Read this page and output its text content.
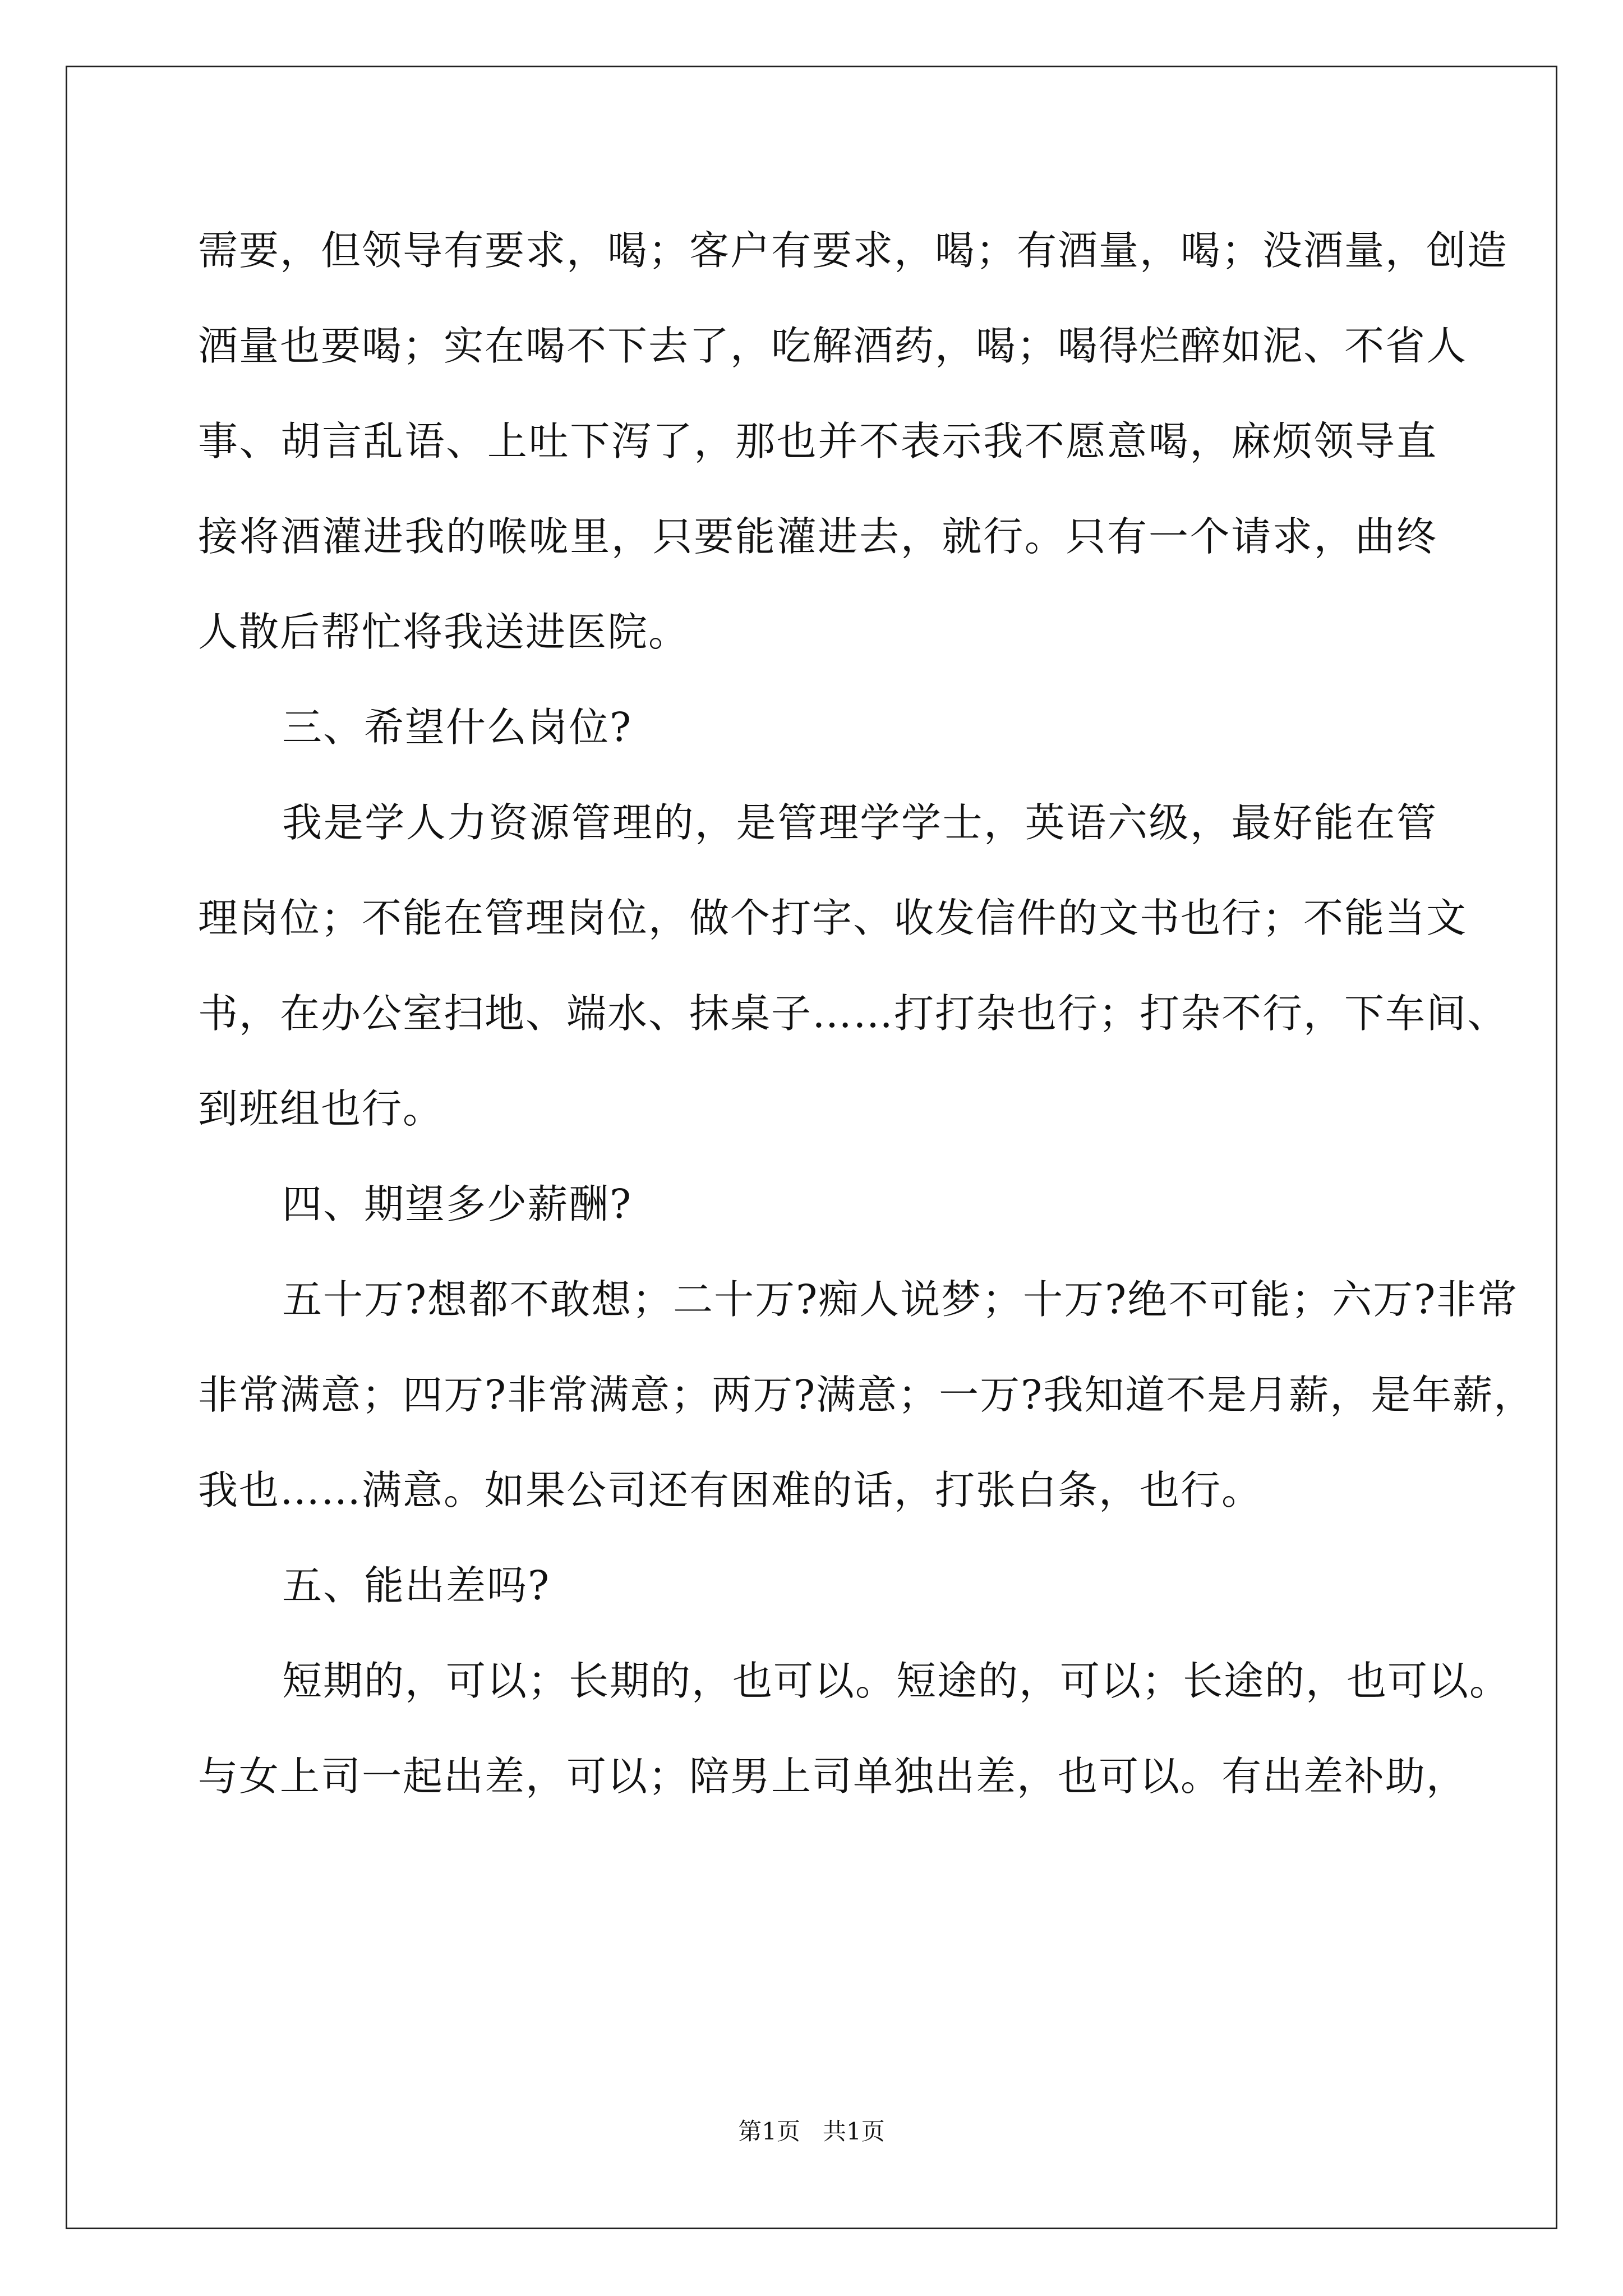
需要，但领导有要求，喝；客户有要求，喝；有酒量，喝；没酒量，创造
酒量也要喝；实在喝不下去了，吃解酒药，喝；喝得烂醉如泥、不省人
事、胡言乱语、上吐下泻了，那也并不表示我不愿意喝，麻烦领导直
接将酒灌进我的喉咙里，只要能灌进去，就行。只有一个请求，曲终
人散后帮忙将我送进医院。
三、希望什么岗位?
我是学人力资源管理的，是管理学学士，英语六级，最好能在管
理岗位；不能在管理岗位，做个打字、收发信件的文书也行；不能当文
书，在办公室扫地、端水、抹桌子……打打杂也行；打杂不行，下车间、
到班组也行。
四、期望多少薪酬?
五十万?想都不敢想；二十万?痴人说梦；十万?绝不可能；六万?非常
非常满意；四万?非常满意；两万?满意；一万?我知道不是月薪，是年薪，
我也……满意。如果公司还有困难的话，打张白条，也行。
五、能出差吗?
短期的，可以；长期的，也可以。短途的，可以；长途的，也可以。
与女上司一起出差，可以；陪男上司单独出差，也可以。有出差补助，
第1页   共1页
